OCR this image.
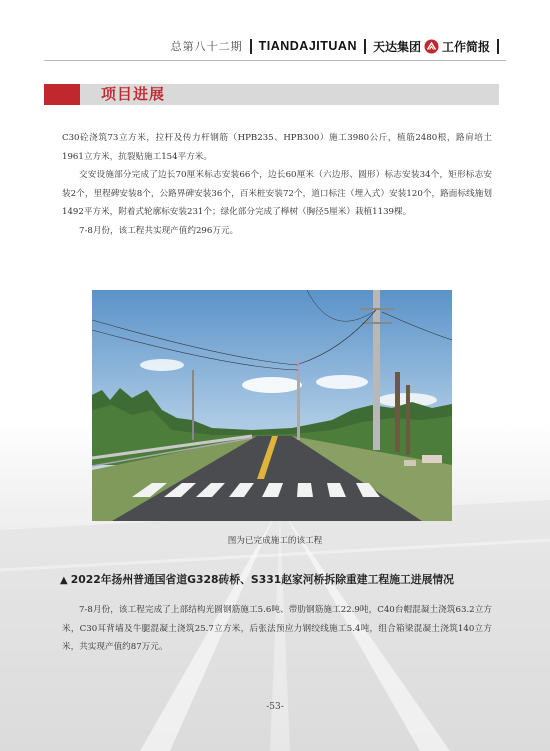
总第八十二期 TIANDAJITUAN 天达集团 工作简报
项目进展

C30砼浇筑73立方米，拉杆及传力杆钢筋（HPB235、HPB300）施工3980公斤，植筋2480根，路肩培土1961立方米，抗裂贴施工154平方米。

交安设施部分完成了边长70厘米标志安装66个，边长60厘米（六边形、圆形）标志安装34个，矩形标志安装2个，里程碑安装8个，公路界碑安装36个，百米桩安装72个，道口标注（埋入式）安装120个，路面标线施划1492平方米，附着式轮廓标安装231个；绿化部分完成了榉树（胸径5厘米）栽植1139棵。

7-8月份，该工程共实现产值约296万元。

图为已完成施工的该工程
▲ 2022年扬州普通国省道G328砖桥、S331赵家河桥拆除重建工程施工进展情况

7-8月份，该工程完成了上部结构光圆钢筋施工5.6吨、带肋钢筋施工22.9吨，C40台帽混凝土浇筑63.2立方米，C30耳背墙及牛腿混凝土浇筑25.7立方米，后张法预应力钢绞线施工5.4吨，组合箱梁混凝土浇筑140立方米，共实现产值约87万元。

-53-
